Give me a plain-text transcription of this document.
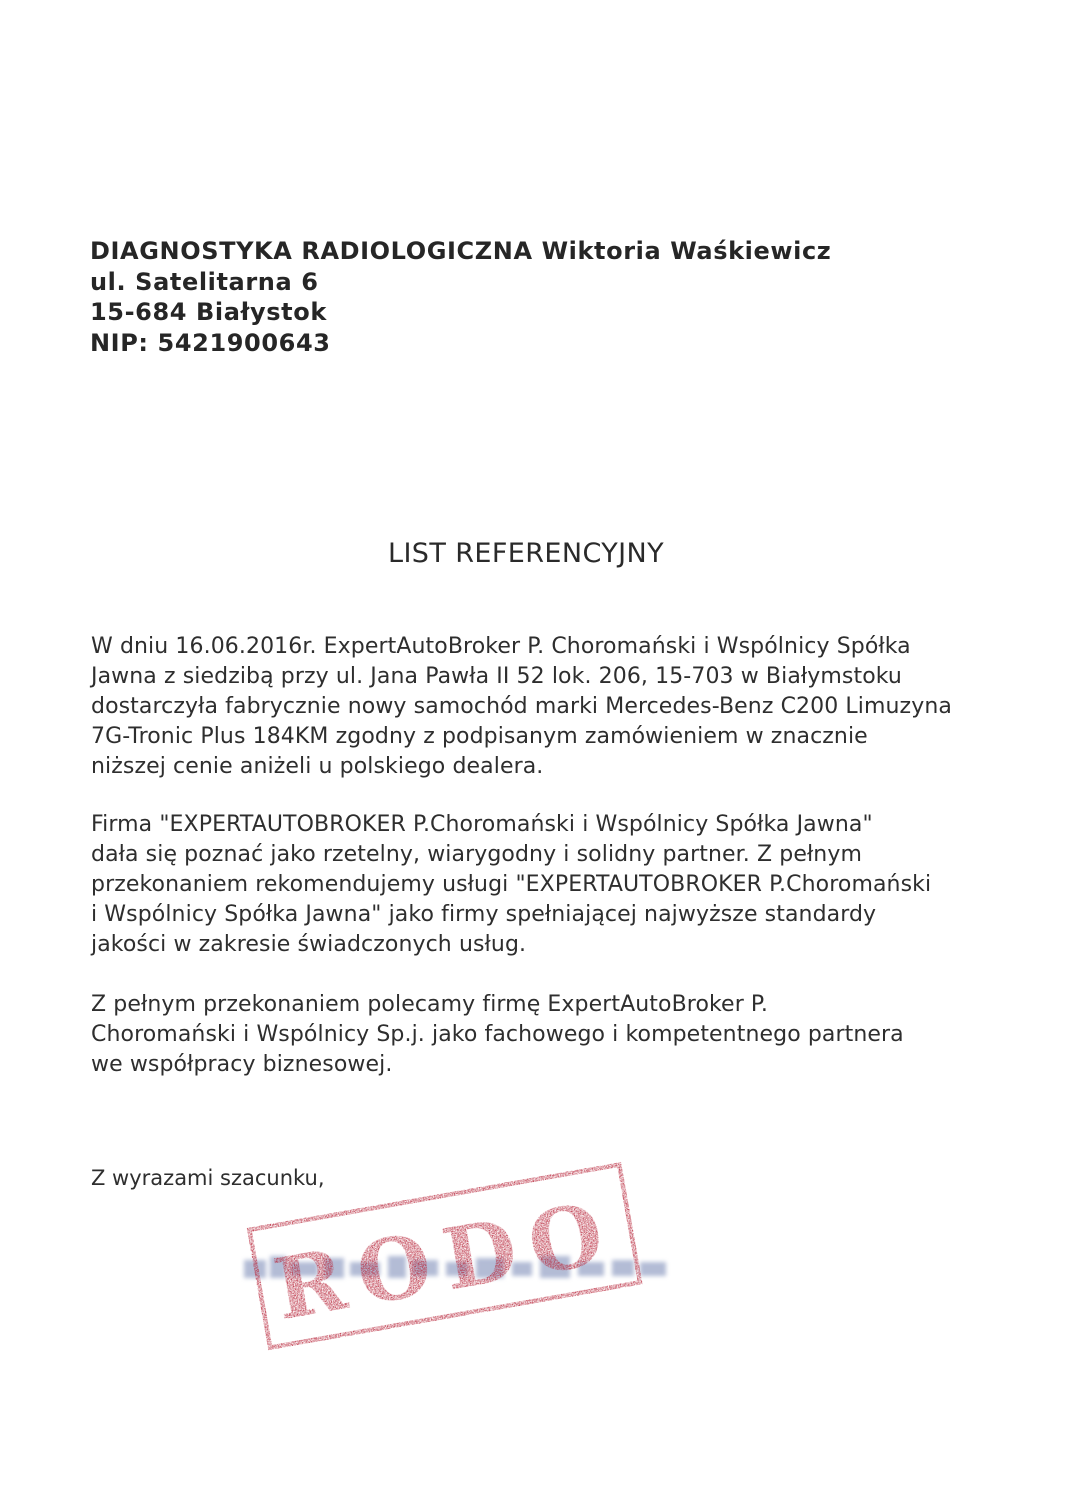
DIAGNOSTYKA RADIOLOGICZNA Wiktoria Waśkiewicz
ul. Satelitarna 6
15-684 Białystok
NIP: 5421900643
LIST REFERENCYJNY
W dniu 16.06.2016r. ExpertAutoBroker P. Choromański i Wspólnicy Spółka
Jawna z siedzibą przy ul. Jana Pawła II 52 lok. 206, 15-703 w Białymstoku
dostarczyła fabrycznie nowy samochód marki Mercedes-Benz C200 Limuzyna
7G-Tronic Plus 184KM zgodny z podpisanym zamówieniem w znacznie
niższej cenie aniżeli u polskiego dealera.
Firma "EXPERTAUTOBROKER P.Choromański i Wspólnicy Spółka Jawna"
dała się poznać jako rzetelny, wiarygodny i solidny partner. Z pełnym
przekonaniem rekomendujemy usługi "EXPERTAUTOBROKER P.Choromański
i Wspólnicy Spółka Jawna" jako firmy spełniającej najwyższe standardy
jakości w zakresie świadczonych usług.
Z pełnym przekonaniem polecamy firmę ExpertAutoBroker P.
Choromański i Wspólnicy Sp.j. jako fachowego i kompetentnego partnera
we współpracy biznesowej.
Z wyrazami szacunku,
RODO
